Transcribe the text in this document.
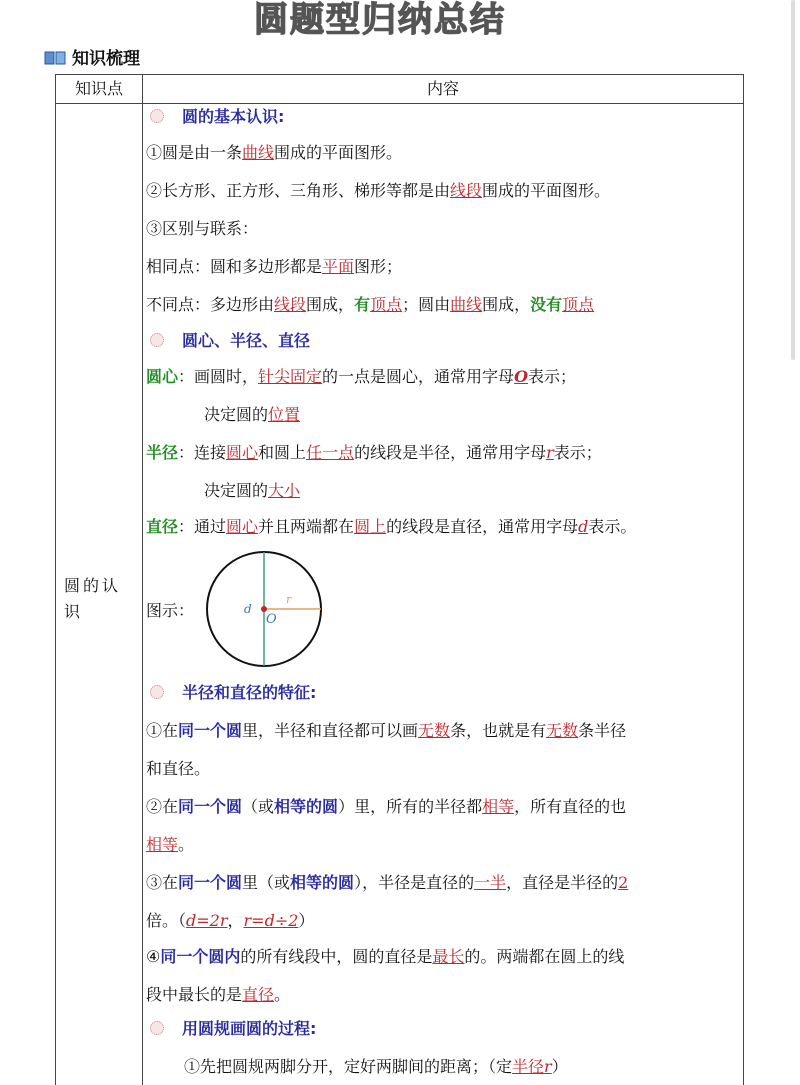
圆题型归纳总结
知识梳理
知识点	内容
圆的认识
圆的基本认识:
①圆是由一条曲线围成的平面图形。
②长方形、正方形、三角形、梯形等都是由线段围成的平面图形。
③区别与联系：
相同点：圆和多边形都是平面图形；
不同点：多边形由线段围成，有顶点；圆由曲线围成，没有顶点
圆心、半径、直径
圆心：画圆时，针尖固定的一点是圆心，通常用字母O表示；
决定圆的位置
半径：连接圆心和圆上任一点的线段是半径，通常用字母r表示；
决定圆的大小
直径：通过圆心并且两端都在圆上的线段是直径，通常用字母d表示。
图示：	d
r
O
半径和直径的特征:
①在同一个圆里，半径和直径都可以画无数条，也就是有无数条半径
和直径。
②在同一个圆（或相等的圆）里，所有的半径都相等，所有直径的也
相等。
③在同一个圆里（或相等的圆），半径是直径的一半，直径是半径的2
倍。（d=2r，r=d÷2）
④同一个圆内的所有线段中，圆的直径是最长的。两端都在圆上的线
段中最长的是直径。
用圆规画圆的过程:
①先把圆规两脚分开，定好两脚间的距离；（定半径r）
